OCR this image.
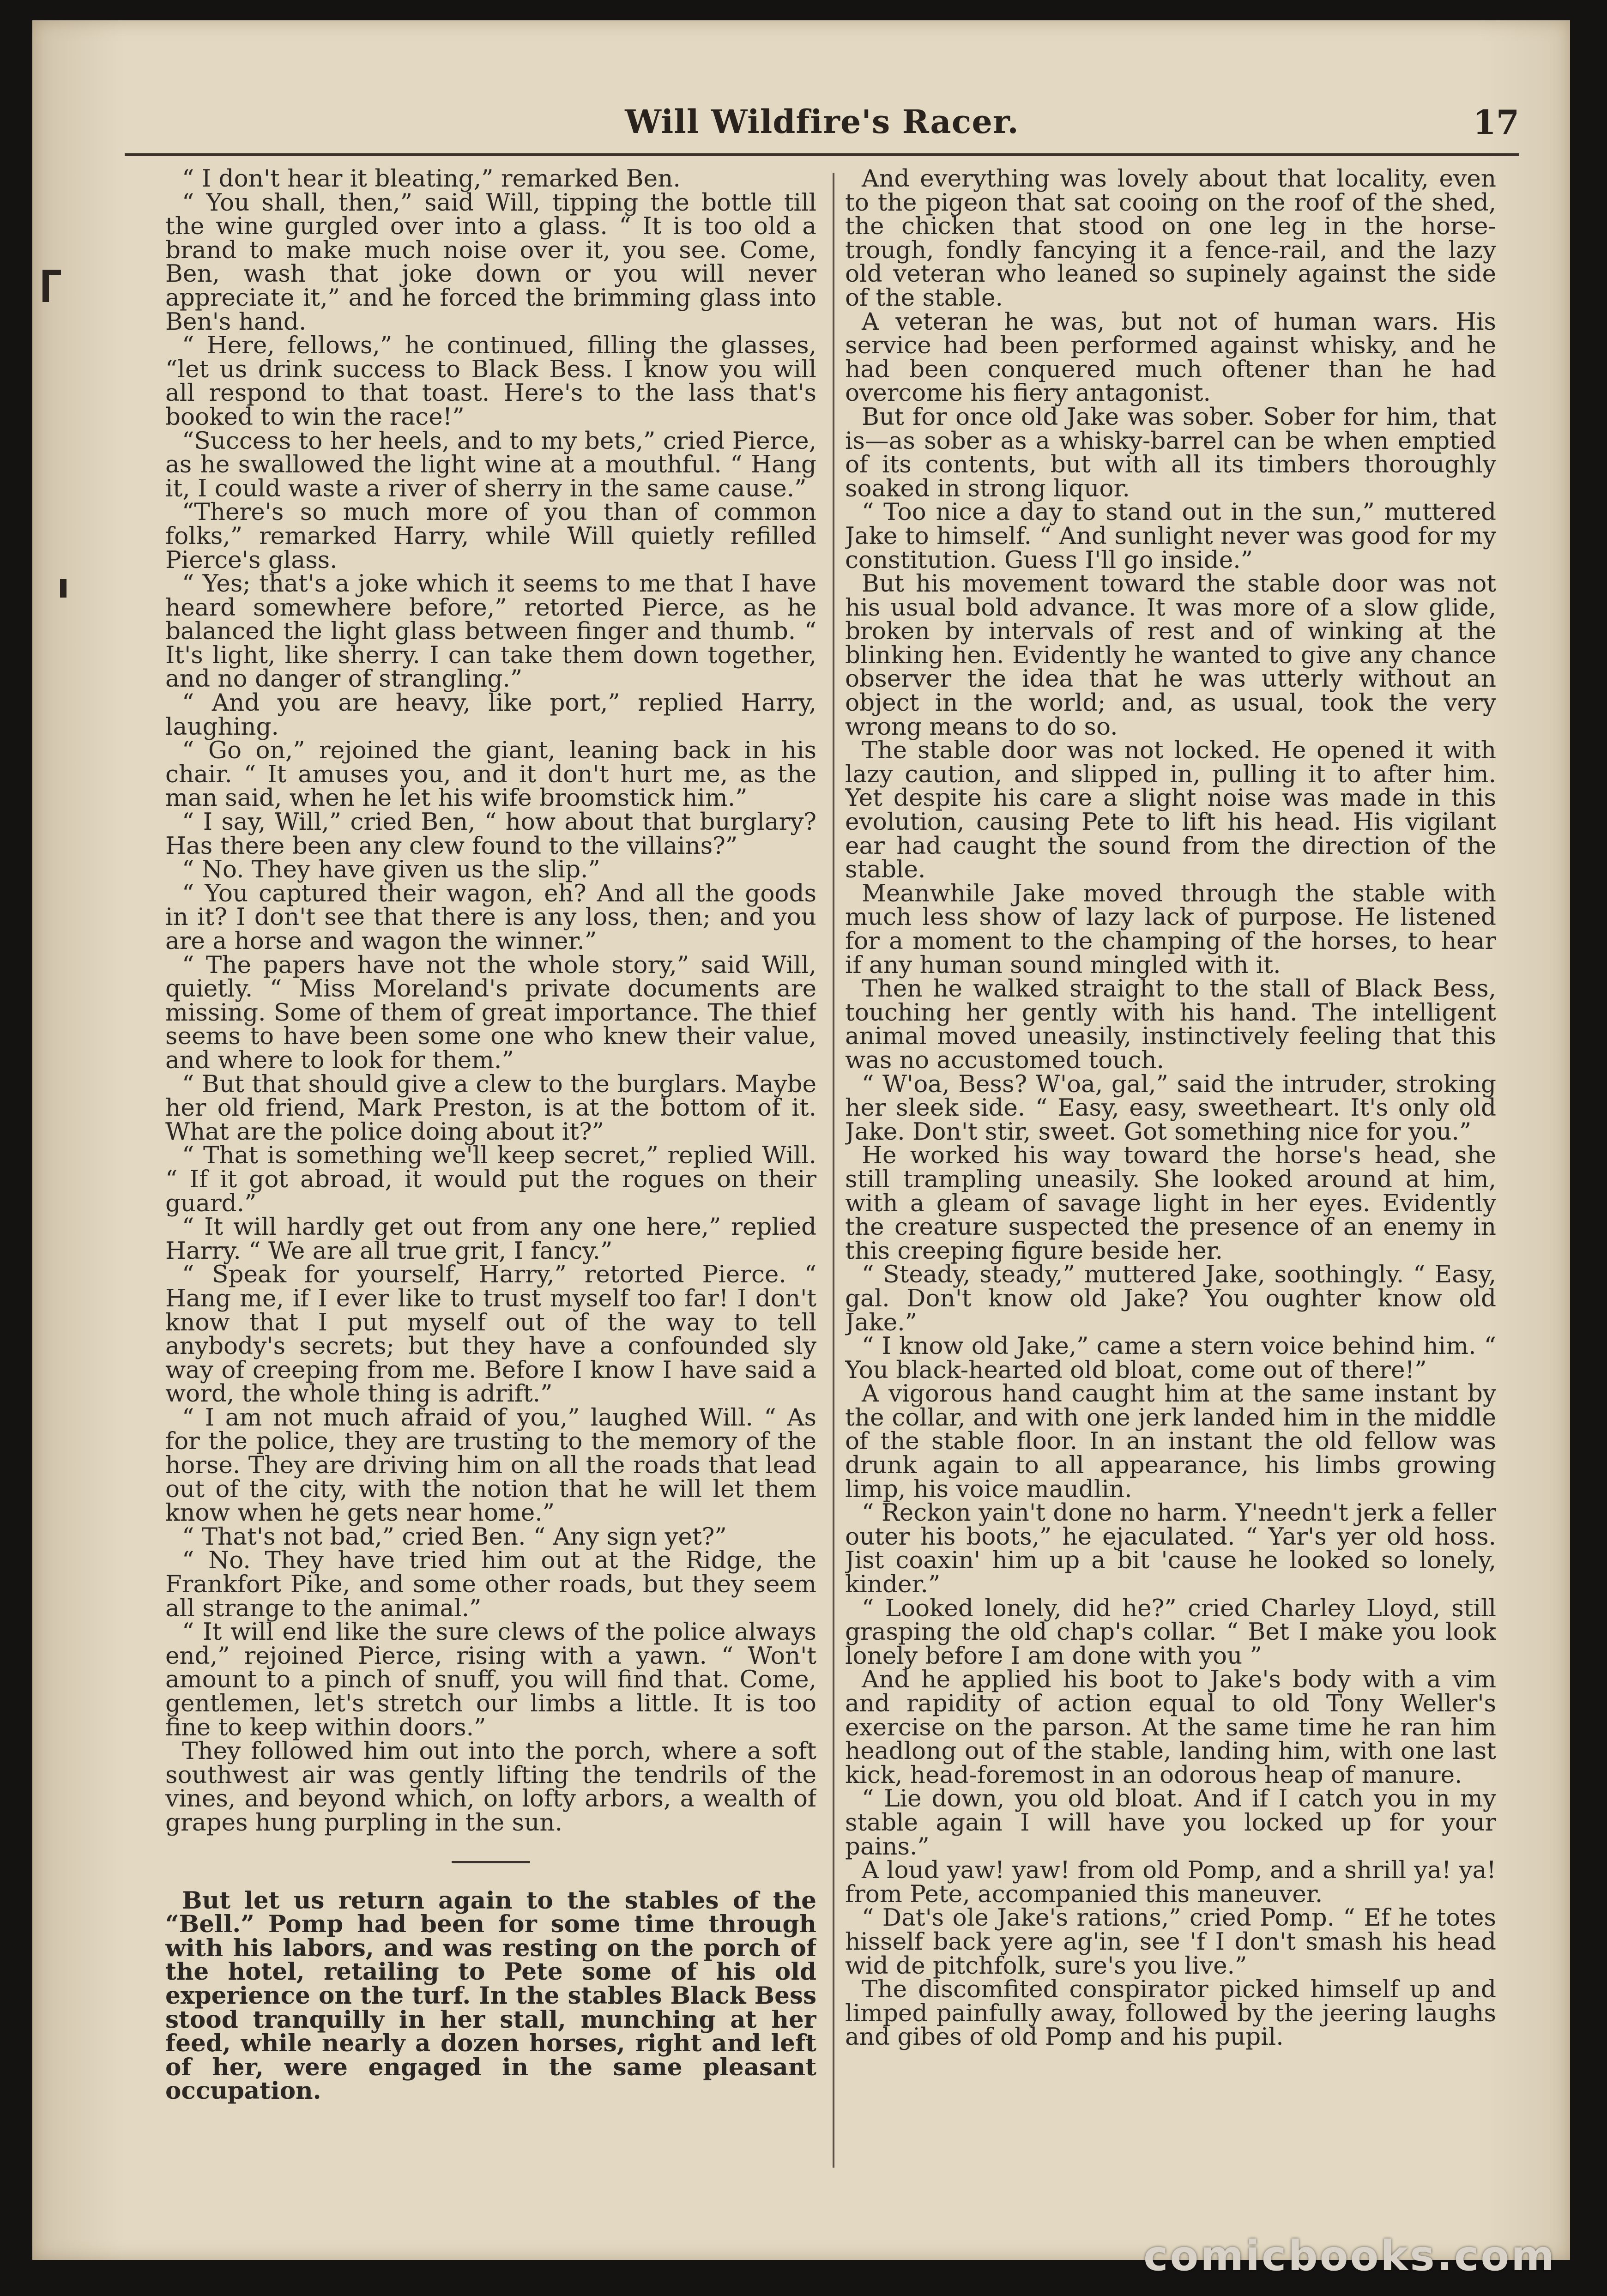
Will Wildfire's Racer.	17

“ I don't hear it bleating,” remarked Ben.

“ You shall, then,” said Will, tipping the bottle till the wine gurgled over into a glass. “ It is too old a brand to make much noise over it, you see. Come, Ben, wash that joke down or you will never appreciate it,” and he forced the brimming glass into Ben's hand.

“ Here, fellows,” he continued, filling the glasses, “let us drink success to Black Bess. I know you will all respond to that toast. Here's to the lass that's booked to win the race!”

“Success to her heels, and to my bets,” cried Pierce, as he swallowed the light wine at a mouthful. “ Hang it, I could waste a river of sherry in the same cause.”

“There's so much more of you than of common folks,” remarked Harry, while Will quietly refilled Pierce's glass.

“ Yes; that's a joke which it seems to me that I have heard somewhere before,” retorted Pierce, as he balanced the light glass between finger and thumb. “ It's light, like sherry. I can take them down together, and no danger of strangling.”

“ And you are heavy, like port,” replied Harry, laughing.

“ Go on,” rejoined the giant, leaning back in his chair. “ It amuses you, and it don't hurt me, as the man said, when he let his wife broomstick him.”

“ I say, Will,” cried Ben, “ how about that burglary? Has there been any clew found to the villains?”

“ No. They have given us the slip.”

“ You captured their wagon, eh? And all the goods in it? I don't see that there is any loss, then; and you are a horse and wagon the winner.”

“ The papers have not the whole story,” said Will, quietly. “ Miss Moreland's private documents are missing. Some of them of great importance. The thief seems to have been some one who knew their value, and where to look for them.”

“ But that should give a clew to the burglars. Maybe her old friend, Mark Preston, is at the bottom of it. What are the police doing about it?”

“ That is something we'll keep secret,” replied Will. “ If it got abroad, it would put the rogues on their guard.”

“ It will hardly get out from any one here,” replied Harry. “ We are all true grit, I fancy.”

“ Speak for yourself, Harry,” retorted Pierce. “ Hang me, if I ever like to trust myself too far! I don't know that I put myself out of the way to tell anybody's secrets; but they have a confounded sly way of creeping from me. Before I know I have said a word, the whole thing is adrift.”

“ I am not much afraid of you,” laughed Will. “ As for the police, they are trusting to the memory of the horse. They are driving him on all the roads that lead out of the city, with the notion that he will let them know when he gets near home.”

“ That's not bad,” cried Ben. “ Any sign yet?”

“ No. They have tried him out at the Ridge, the Frankfort Pike, and some other roads, but they seem all strange to the animal.”

“ It will end like the sure clews of the police always end,” rejoined Pierce, rising with a yawn. “ Won't amount to a pinch of snuff, you will find that. Come, gentlemen, let's stretch our limbs a little. It is too fine to keep within doors.”

They followed him out into the porch, where a soft southwest air was gently lifting the tendrils of the vines, and beyond which, on lofty arbors, a wealth of grapes hung purpling in the sun.

But let us return again to the stables of the “Bell.” Pomp had been for some time through with his labors, and was resting on the porch of the hotel, retailing to Pete some of his old experience on the turf. In the stables Black Bess stood tranquilly in her stall, munching at her feed, while nearly a dozen horses, right and left of her, were engaged in the same pleasant occupation.

And everything was lovely about that locality, even to the pigeon that sat cooing on the roof of the shed, the chicken that stood on one leg in the horse-trough, fondly fancying it a fence-rail, and the lazy old veteran who leaned so supinely against the side of the stable.

A veteran he was, but not of human wars. His service had been performed against whisky, and he had been conquered much oftener than he had overcome his fiery antagonist.

But for once old Jake was sober. Sober for him, that is—as sober as a whisky-barrel can be when emptied of its contents, but with all its timbers thoroughly soaked in strong liquor.

“ Too nice a day to stand out in the sun,” muttered Jake to himself. “ And sunlight never was good for my constitution. Guess I'll go inside.”

But his movement toward the stable door was not his usual bold advance. It was more of a slow glide, broken by intervals of rest and of winking at the blinking hen. Evidently he wanted to give any chance observer the idea that he was utterly without an object in the world; and, as usual, took the very wrong means to do so.

The stable door was not locked. He opened it with lazy caution, and slipped in, pulling it to after him. Yet despite his care a slight noise was made in this evolution, causing Pete to lift his head. His vigilant ear had caught the sound from the direction of the stable.

Meanwhile Jake moved through the stable with much less show of lazy lack of purpose. He listened for a moment to the champing of the horses, to hear if any human sound mingled with it.

Then he walked straight to the stall of Black Bess, touching her gently with his hand. The intelligent animal moved uneasily, instinctively feeling that this was no accustomed touch.

“ W'oa, Bess? W'oa, gal,” said the intruder, stroking her sleek side. “ Easy, easy, sweetheart. It's only old Jake. Don't stir, sweet. Got something nice for you.”

He worked his way toward the horse's head, she still trampling uneasily. She looked around at him, with a gleam of savage light in her eyes. Evidently the creature suspected the presence of an enemy in this creeping figure beside her.

“ Steady, steady,” muttered Jake, soothingly. “ Easy, gal. Don't know old Jake? You oughter know old Jake.”

“ I know old Jake,” came a stern voice behind him. “ You black-hearted old bloat, come out of there!”

A vigorous hand caught him at the same instant by the collar, and with one jerk landed him in the middle of the stable floor. In an instant the old fellow was drunk again to all appearance, his limbs growing limp, his voice maudlin.

“ Reckon yain't done no harm. Y'needn't jerk a feller outer his boots,” he ejaculated. “ Yar's yer old hoss. Jist coaxin' him up a bit 'cause he looked so lonely, kinder.”

“ Looked lonely, did he?” cried Charley Lloyd, still grasping the old chap's collar. “ Bet I make you look lonely before I am done with you ”

And he applied his boot to Jake's body with a vim and rapidity of action equal to old Tony Weller's exercise on the parson. At the same time he ran him headlong out of the stable, landing him, with one last kick, head-foremost in an odorous heap of manure.

“ Lie down, you old bloat. And if I catch you in my stable again I will have you locked up for your pains.”

A loud yaw! yaw! from old Pomp, and a shrill ya! ya! from Pete, accompanied this maneuver.

“ Dat's ole Jake's rations,” cried Pomp. “ Ef he totes hisself back yere ag'in, see 'f I don't smash his head wid de pitchfolk, sure's you live.”

The discomfited conspirator picked himself up and limped painfully away, followed by the jeering laughs and gibes of old Pomp and his pupil.

comicbooks.com
